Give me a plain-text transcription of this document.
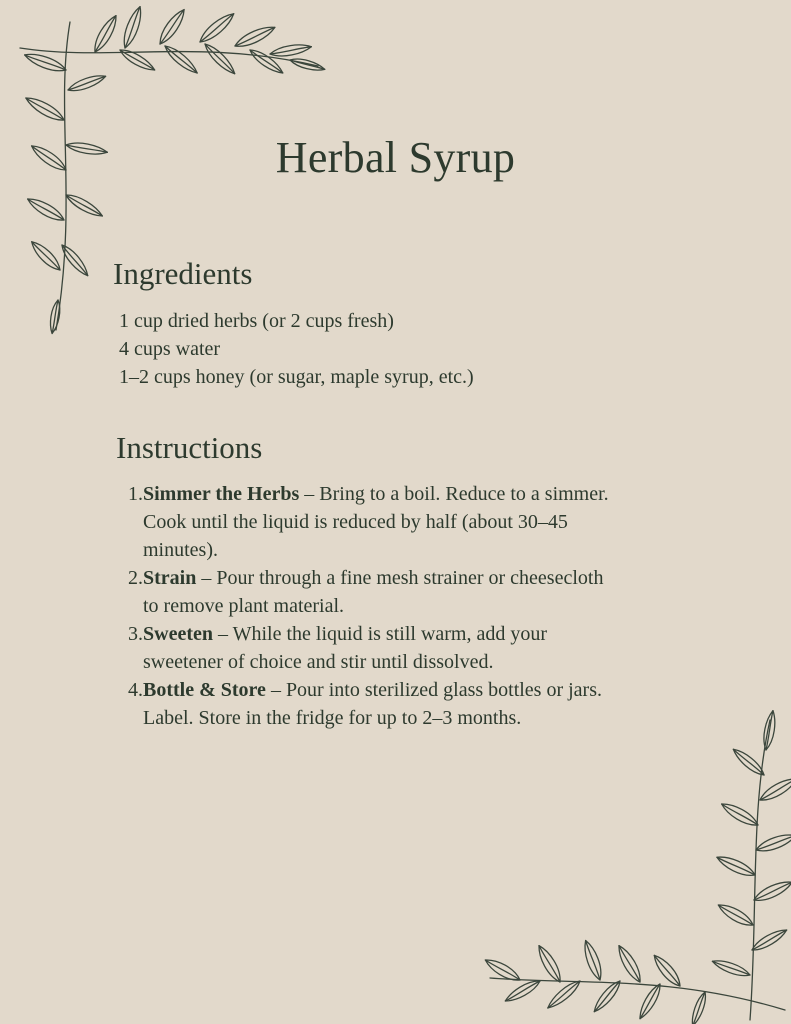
Herbal Syrup
Ingredients
1 cup dried herbs (or 2 cups fresh)
4 cups water
1–2 cups honey (or sugar, maple syrup, etc.)
Instructions
1. Simmer the Herbs – Bring to a boil. Reduce to a simmer.
Cook until the liquid is reduced by half (about 30–45
minutes).
2. Strain – Pour through a fine mesh strainer or cheesecloth
to remove plant material.
3. Sweeten – While the liquid is still warm, add your
sweetener of choice and stir until dissolved.
4. Bottle & Store – Pour into sterilized glass bottles or jars.
Label. Store in the fridge for up to 2–3 months.
